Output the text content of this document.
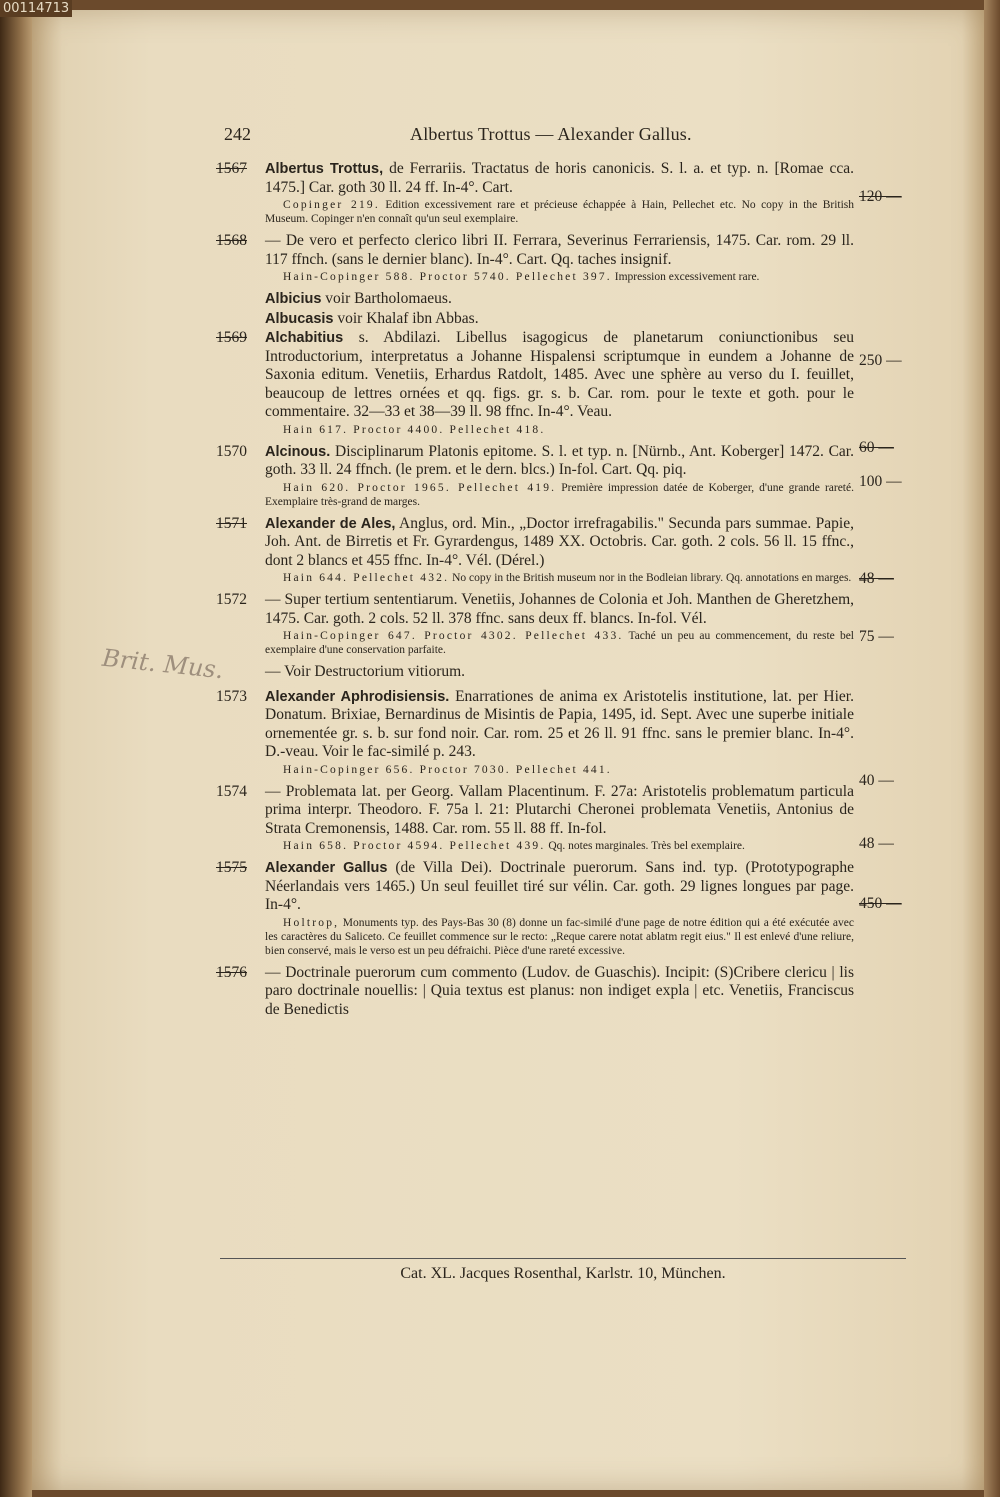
00114713
242	Albertus Trottus — Alexander Gallus.
Brit. Mus.
1567 Albertus Trottus, de Ferrariis. Tractatus de horis canonicis. S. l. a. et typ. n. [Romae cca. 1475.] Car. goth 30 ll. 24 ff. In-4°. Cart.
Copinger 219. Edition excessivement rare et précieuse échappée à Hain, Pellechet etc. No copy in the British Museum. Copinger n'en connaît qu'un seul exemplaire.
120 —
1568 — De vero et perfecto clerico libri II. Ferrara, Severinus Ferrariensis, 1475. Car. rom. 29 ll. 117 ffnch. (sans le dernier blanc). In-4°. Cart. Qq. taches insignif.
Hain-Copinger 588. Proctor 5740. Pellechet 397. Impression excessivement rare.
250 —
Albicius voir Bartholomaeus.
Albucasis voir Khalaf ibn Abbas.
1569 Alchabitius s. Abdilazi. Libellus isagogicus de planetarum coniunctionibus seu Introductorium, interpretatus a Johanne Hispalensi scriptumque in eundem a Johanne de Saxonia editum. Venetiis, Erhardus Ratdolt, 1485. Avec une sphère au verso du I. feuillet, beaucoup de lettres ornées et qq. figs. gr. s. b. Car. rom. pour le texte et goth. pour le commentaire. 32—33 et 38—39 ll. 98 ffnc. In-4°. Veau.
Hain 617. Proctor 4400. Pellechet 418.
60 —
1570 Alcinous. Disciplinarum Platonis epitome. S. l. et typ. n. [Nürnb., Ant. Koberger] 1472. Car. goth. 33 ll. 24 ffnch. (le prem. et le dern. blcs.) In-fol. Cart. Qq. piq.
Hain 620. Proctor 1965. Pellechet 419. Première impression datée de Koberger, d'une grande rareté. Exemplaire très-grand de marges.
100 —
1571 Alexander de Ales, Anglus, ord. Min., „Doctor irrefragabilis." Secunda pars summae. Papie, Joh. Ant. de Birretis et Fr. Gyrardengus, 1489 XX. Octobris. Car. goth. 2 cols. 56 ll. 15 ffnc., dont 2 blancs et 455 ffnc. In-4°. Vél. (Dérel.)
Hain 644. Pellechet 432. No copy in the British museum nor in the Bodleian library. Qq. annotations en marges. 48 —
1572 — Super tertium sententiarum. Venetiis, Johannes de Colonia et Joh. Manthen de Gheretzhem, 1475. Car. goth. 2 cols. 52 ll. 378 ffnc. sans deux ff. blancs. In-fol. Vél.
Hain-Copinger 647. Proctor 4302. Pellechet 433. Taché un peu au commencement, du reste bel exemplaire d'une conservation parfaite.
75 —
— Voir Destructorium vitiorum.
1573 Alexander Aphrodisiensis. Enarrationes de anima ex Aristotelis institutione, lat. per Hier. Donatum. Brixiae, Bernardinus de Misintis de Papia, 1495, id. Sept. Avec une superbe initiale ornementée gr. s. b. sur fond noir. Car. rom. 25 et 26 ll. 91 ffnc. sans le premier blanc. In-4°. D.-veau. Voir le fac-similé p. 243.
Hain-Copinger 656. Proctor 7030. Pellechet 441.
40 —
1574 — Problemata lat. per Georg. Vallam Placentinum. F. 27a: Aristotelis problematum particula prima interpr. Theodoro. F. 75a l. 21: Plutarchi Cheronei problemata Venetiis, Antonius de Strata Cremonensis, 1488. Car. rom. 55 ll. 88 ff. In-fol.
Hain 658. Proctor 4594. Pellechet 439. Qq. notes marginales. Très bel exemplaire.	48 —
1575 Alexander Gallus (de Villa Dei). Doctrinale puerorum. Sans ind. typ. (Prototypographe Néerlandais vers 1465.) Un seul feuillet tiré sur vélin. Car. goth. 29 lignes longues par page. In-4°.
Holtrop, Monuments typ. des Pays-Bas 30 (8) donne un fac-similé d'une page de notre édition qui a été exécutée avec les caractères du Saliceto. Ce feuillet commence sur le recto: „Reque carere notat ablatm regit eius." Il est enlevé d'une reliure, bien conservé, mais le verso est un peu défraichi. Pièce d'une rareté excessive.
450 —
1576 — Doctrinale puerorum cum commento (Ludov. de Guaschis). Incipit: (S)Cribere clericu | lis paro doctrinale nouellis: | Quia textus est planus: non indiget expla | etc. Venetiis, Franciscus de Benedictis
Cat. XL. Jacques Rosenthal, Karlstr. 10, München.
